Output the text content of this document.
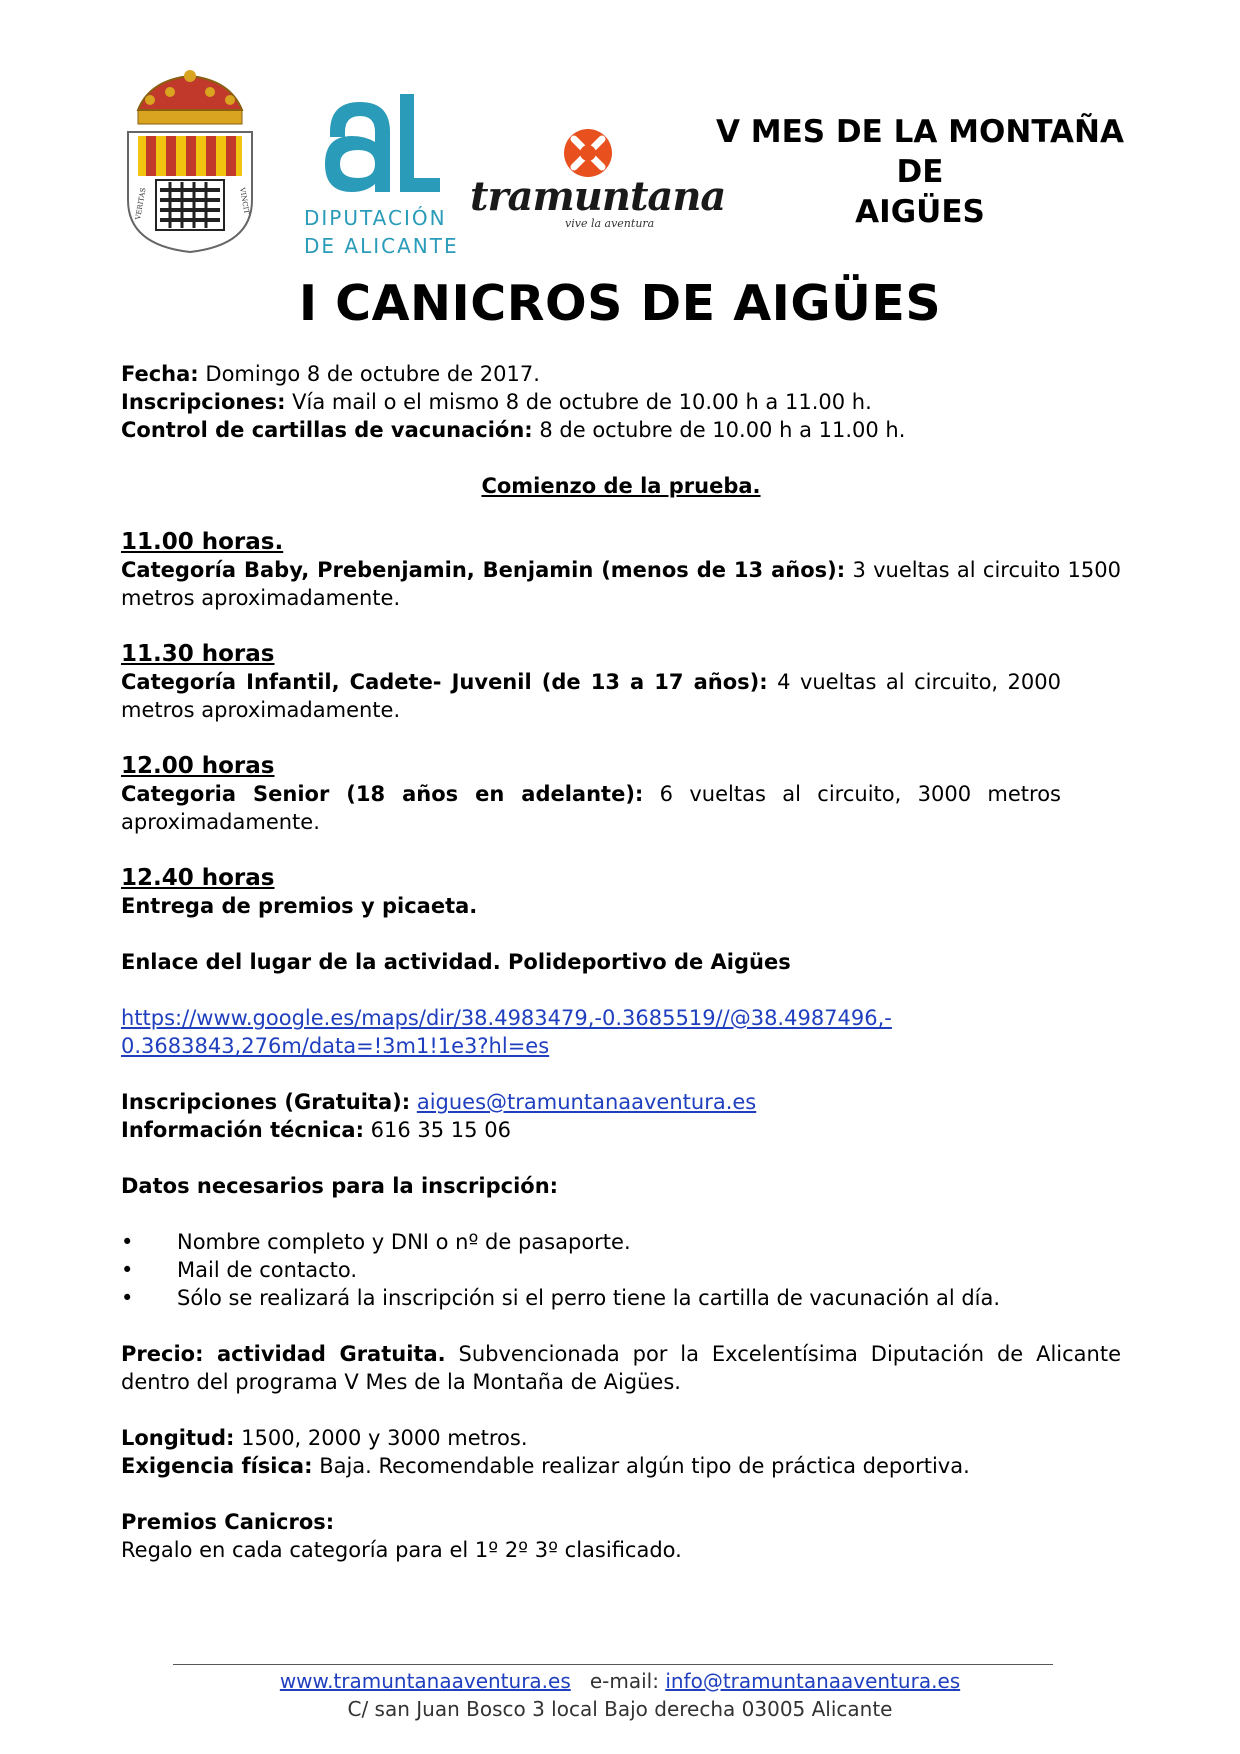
VERITAS	VINCIT
DIPUTACIÓN
DE ALICANTE
tramuntana
vive la aventura
V MES DE LA MONTAÑA DE
AIGÜES
I CANICROS DE AIGÜES

Fecha: Domingo 8 de octubre de 2017.

Inscripciones: Vía mail o el mismo 8 de octubre de 10.00 h a 11.00 h.

Control de cartillas de vacunación: 8 de octubre de 10.00 h a 11.00 h.

Comienzo de la prueba.

11.00 horas.

Categoría Baby, Prebenjamin, Benjamin (menos de 13 años): 3 vueltas al circuito 1500 metros aproximadamente.

11.30 horas

Categoría Infantil, Cadete- Juvenil (de 13 a 17 años): 4 vueltas al circuito, 2000 metros aproximadamente.

12.00 horas

Categoria Senior (18 años en adelante): 6 vueltas al circuito, 3000 metros aproximadamente.

12.40 horas

Entrega de premios y picaeta.

Enlace del lugar de la actividad. Polideportivo de Aigües

https://www.google.es/maps/dir/38.4983479,-0.3685519//@38.4987496,-
0.3683843,276m/data=!3m1!1e3?hl=es

Inscripciones (Gratuita): aigues@tramuntanaaventura.es

Información técnica: 616 35 15 06

Datos necesarios para la inscripción:

• Nombre completo y DNI o nº de pasaporte.
• Mail de contacto.
• Sólo se realizará la inscripción si el perro tiene la cartilla de vacunación al día.

Precio: actividad Gratuita. Subvencionada por la Excelentísima Diputación de Alicante dentro del programa V Mes de la Montaña de Aigües.

Longitud: 1500, 2000 y 3000 metros.

Exigencia física: Baja. Recomendable realizar algún tipo de práctica deportiva.

Premios Canicros:

Regalo en cada categoría para el 1º 2º 3º clasificado.

www.tramuntanaaventura.es e-mail: info@tramuntanaaventura.es
C/ san Juan Bosco 3 local Bajo derecha 03005 Alicante
